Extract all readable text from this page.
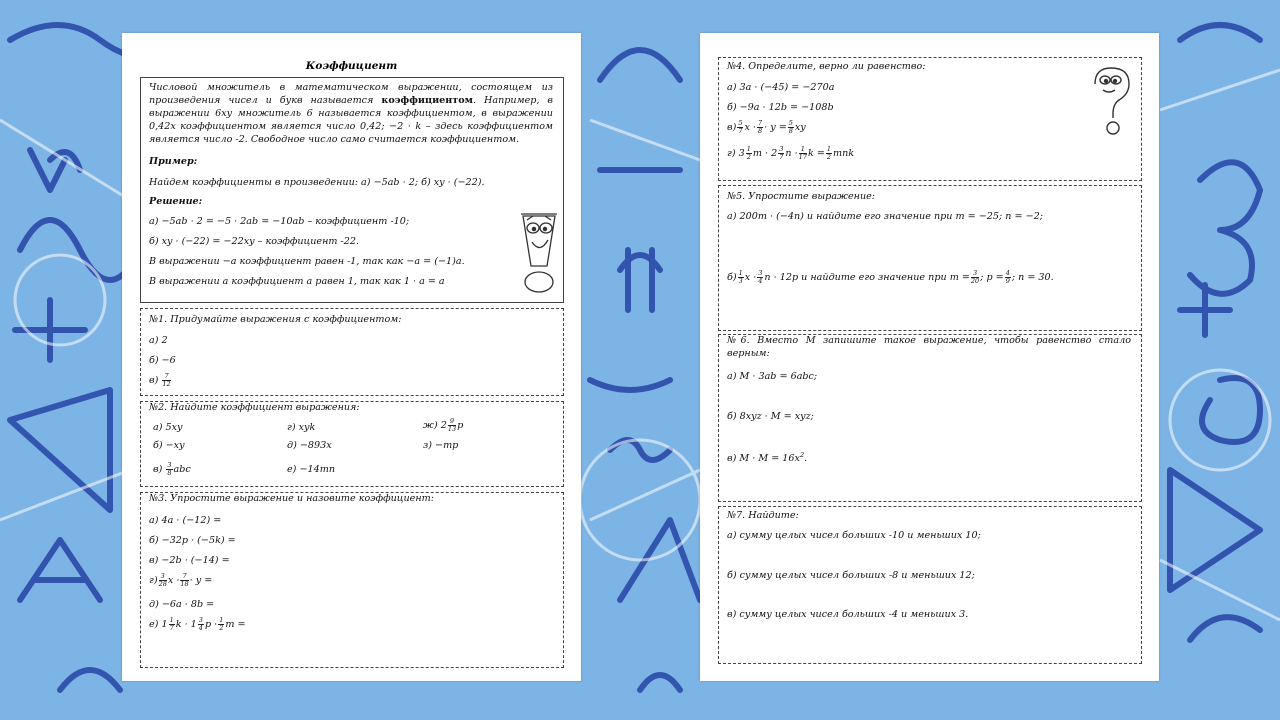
Коэффициент
Числовой множитель в математическом выражении, состоящем из произведения чисел и букв называется коэффициентом. Например, в выражении 6xy множитель 6 называется коэффициентом, в выражении 0,42x коэффициентом является число 0,42; −2 · k – здесь коэффициентом является число -2. Свободное число само считается коэффициентом.
Пример:
Найдем коэффициенты в произведении: а) −5ab · 2; б) xy · (−22).
Решение:
а) −5ab · 2 = −5 · 2ab = −10ab – коэффициент -10;
б) xy · (−22) = −22xy – коэффициент -22.
В выражении −a коэффициент равен -1, так как −a = (−1)a.
В выражении a коэффициент а равен 1, так как 1 · a = a
№1. Придумайте выражения с коэффициентом:
а) 2
б) −6
$в) \frac{7}{12}$
№2. Найдите коэффициент выражения:
а) 5xy
б) −xy
$в) \frac{3}{8}$ abc
г) xyk
д) −893x
е) −14mn
ж) $2 \frac{9}{13}$ p
з) −mp
№3. Упростите выражение и назовите коэффициент:
а) 4a · (−12) =
б) −32p · (−5k) =
в) −2b · (−14) =
$г) \frac{3}{28}$ $x \cdot \frac{7}{18} \cdot y$ =
д) −6a · 8b =
е) $1 \frac{1}{7}$ $k \cdot 1 \frac{3}{4}$ $p \cdot \frac{1}{2}$ m =
№4. Определите, верно ли равенство:
а) 3a · (−45) = −270a
б) −9a · 12b = −108b
$в) \frac{5}{7}$ $x \cdot \frac{7}{8} \cdot y = \frac{5}{8}$ xy
г) $3 \frac{1}{2}$ $m \cdot 2 \frac{3}{7}$ $n \cdot \frac{1}{17}$ $k = \frac{1}{2}$ mnk
№5. Упростите выражение:
а) 200m · (−4n) и найдите его значение при m = −25; n = −2;
$б) \frac{1}{3}$ $x \cdot \frac{3}{4}$ n · 12p и найдите его значение при $m = \frac{3}{20}$ ; $p = \frac{4}{9}$ ; n = 30.
№6. Вместо М запишите такое выражение, чтобы равенство стало верным:
а) M · 3ab = 6abc;
б) 8xyz · M = xyz;
в) $M \cdot M = 16x^2$.
№7. Найдите:
а) сумму целых чисел больших -10 и меньших 10;
б) сумму целых чисел больших -8 и меньших 12;
в) сумму целых чисел больших -4 и меньших 3.
